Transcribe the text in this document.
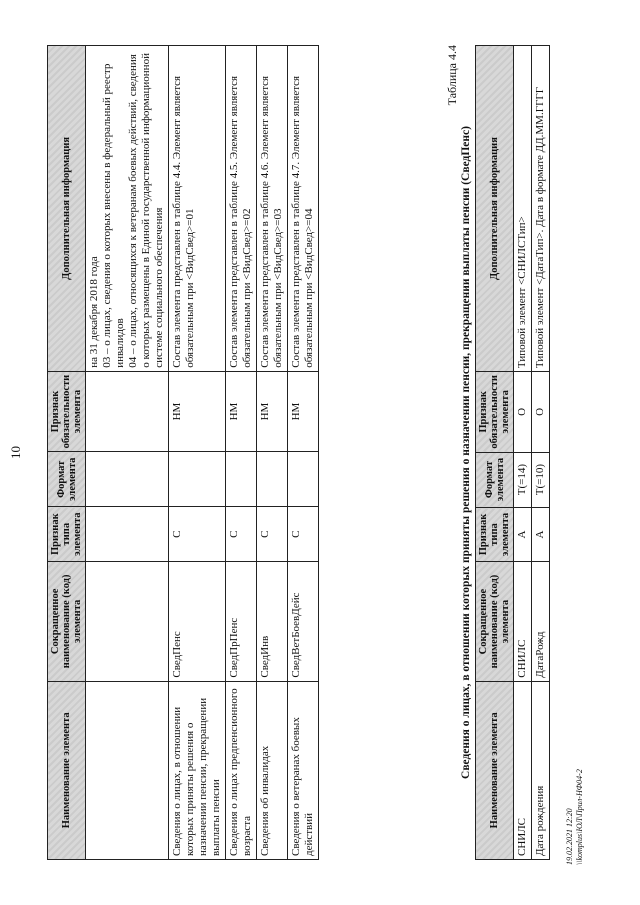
10
Наименование элемента	Сокращенное наименование (код) элемента	Признак типа элемента	Формат элемента	Признак обязательности элемента	Дополнительная информация

					на 31 декабря 2018 года 03 – о лицах, сведения о которых внесены в федеральный реестр инвалидов 04 – о лицах, относящихся к ветеранам боевых действий, сведения о которых размещены в Единой государственной информационной системе социального обеспечения

Сведения о лицах, в отношении которых приняты решения о назначении пенсии, прекращении выплаты пенсии	СведПенс	С		НМ	Состав элемента представлен в таблице 4.4. Элемент является обязательным при <ВидСвед>=01
Сведения о лицах предпенсионного возраста	СведПрПенс	С		НМ	Состав элемента представлен в таблице 4.5. Элемент является обязательным при <ВидСвед>=02
Сведения об инвалидах	СведИнв	С		НМ	Состав элемента представлен в таблице 4.6. Элемент является обязательным при <ВидСвед>=03
Сведения о ветеранах боевых действий	СведВетБоевДейс	С		НМ	Состав элемента представлен в таблице 4.7. Элемент является обязательным при <ВидСвед>=04
Таблица 4.4
Сведения о лицах, в отношении которых приняты решения о назначении пенсии, прекращении выплаты пенсии (СведПенс) Наименование элемента	Сокращенное наименование (код) элемента	Признак типа элемента	Формат элемента	Признак обязательности элемента	Дополнительная информация
СНИЛС	СНИЛС	А	T(=14)	О	Типовой элемент <СНИЛСТип>
Дата рождения	ДатаРожд	А	T(=10)	О	Типовой элемент <ДатаТип>. Дата в формате ДД.ММ.ГГГГ
19.02.2021 12:20 \\komplus\ЮЛ\Прил-НФ04-2
